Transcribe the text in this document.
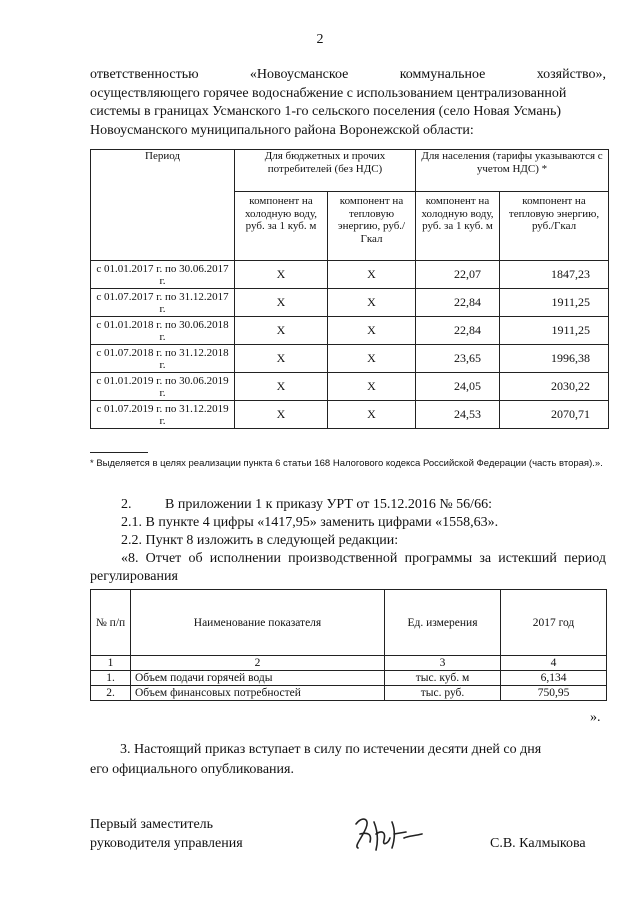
2
ответственностью	«Новоусманское	коммунальное	хозяйство»,
осуществляющего горячее водоснабжение с использованием централизованной
системы в границах Усманского 1-го сельского поселения (село Новая Усмань)
Новоусманского муниципального района Воронежской области:
Период	Для бюджетных и прочих потребителей (без НДС)		Для населения (тарифы указываются с учетом НДС) *	
	компонент на холодную воду, руб. за 1 куб. м	компонент на тепловую энергию, руб./Гкал	компонент на холодную воду, руб. за 1 куб. м	компонент на тепловую энергию, руб./Гкал
с 01.01.2017 г. по 30.06.2017 г.	X	X	22,07	1847,23
с 01.07.2017 г. по 31.12.2017 г.	X	X	22,84	1911,25
с 01.01.2018 г. по 30.06.2018 г.	X	X	22,84	1911,25
с 01.07.2018 г. по 31.12.2018 г.	X	X	23,65	1996,38
с 01.01.2019 г. по 30.06.2019 г.	X	X	24,05	2030,22
с 01.07.2019 г. по 31.12.2019 г.	X	X	24,53	2070,71
* Выделяется в целях реализации пункта 6 статьи 168 Налогового кодекса Российской Федерации (часть вторая).».
2. В приложении 1 к приказу УРТ от 15.12.2016 № 56/66:
2.1. В пункте 4 цифры «1417,95» заменить цифрами «1558,63».
2.2. Пункт 8 изложить в следующей редакции:
«8. Отчет об исполнении производственной программы за истекший период
регулирования
№ п/п	Наименование показателя	Ед. измерения	2017 год
1	2	3	4
1.	Объем подачи горячей воды	тыс. куб. м	6,134
2.	Объем финансовых потребностей	тыс. руб.	750,95
».
3. Настоящий приказ вступает в силу по истечении десяти дней со дня
его официального опубликования.
Первый заместитель
руководителя управления	С.В. Калмыкова
